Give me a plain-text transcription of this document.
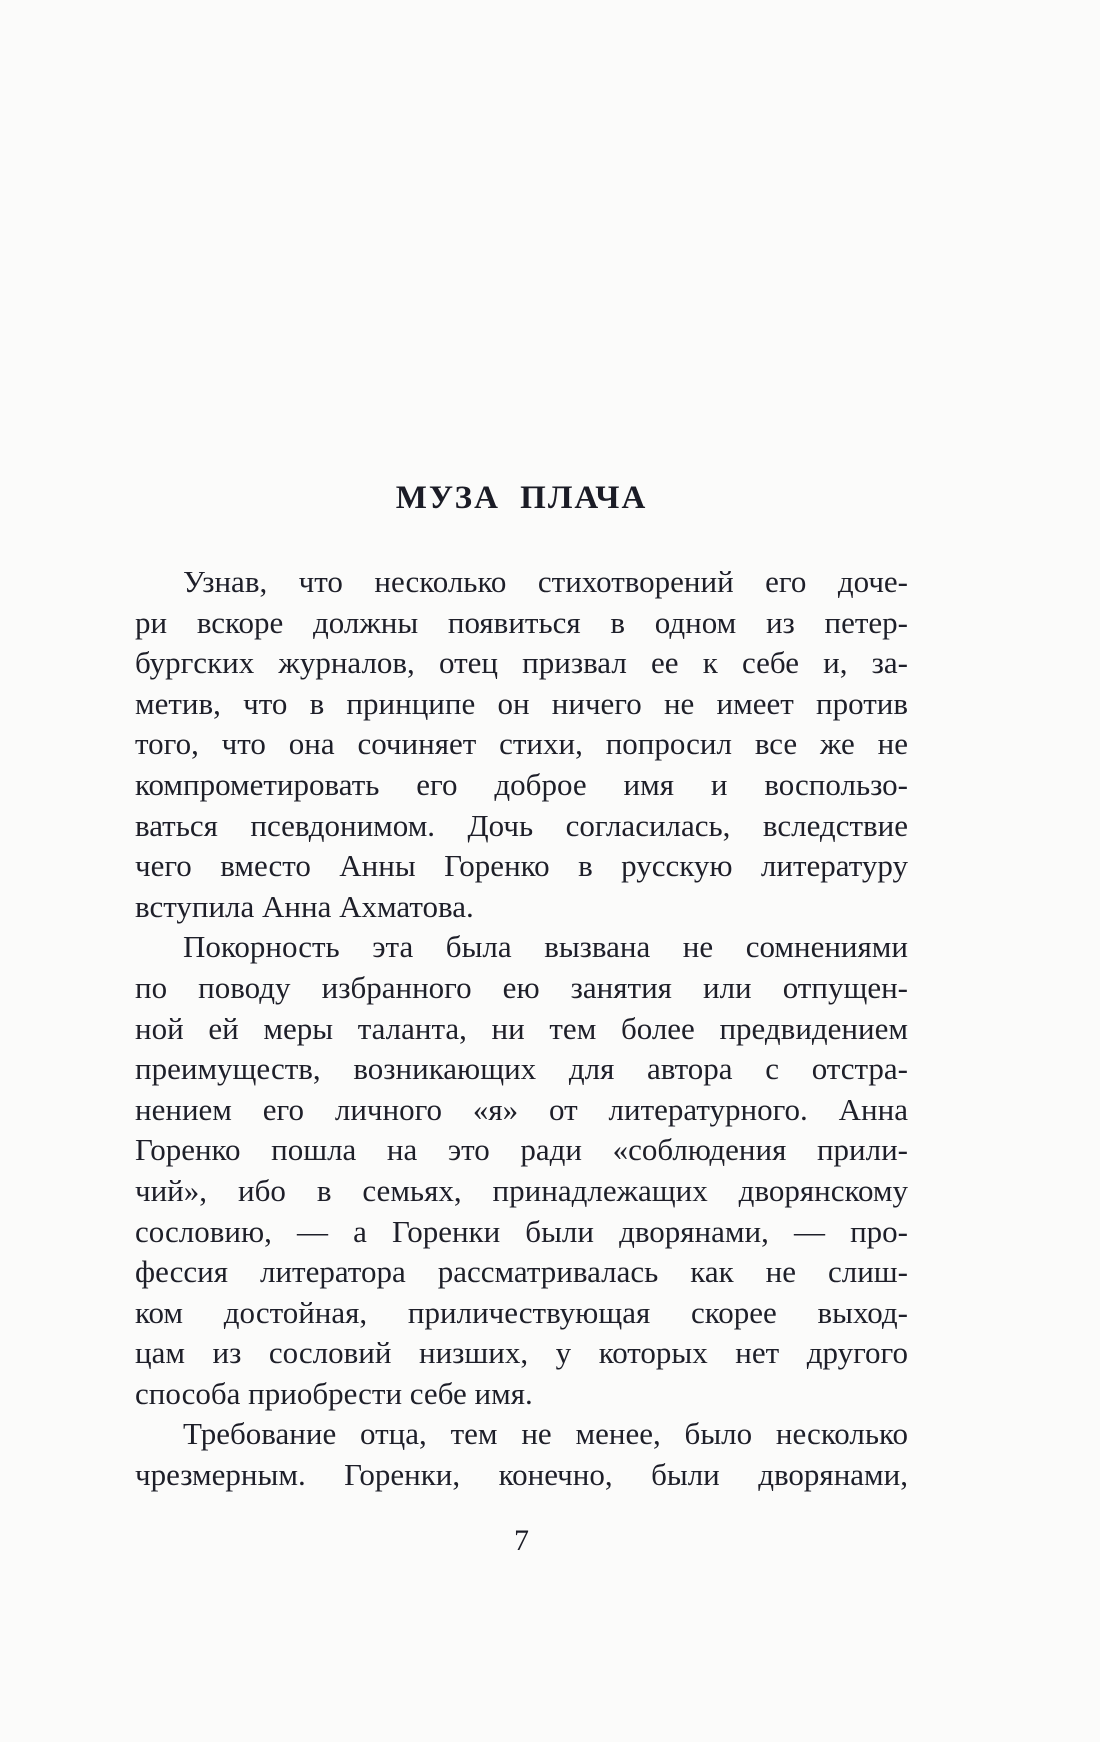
МУЗА ПЛАЧА
Узнав, что несколько стихотворений его доче-
ри вскоре должны появиться в одном из петер-
бургских журналов, отец призвал ее к себе и, за-
метив, что в принципе он ничего не имеет против
того, что она сочиняет стихи, попросил все же не
компрометировать его доброе имя и воспользо-
ваться псевдонимом. Дочь согласилась, вследствие
чего вместо Анны Горенко в русскую литературу
вступила Анна Ахматова.
Покорность эта была вызвана не сомнениями
по поводу избранного ею занятия или отпущен-
ной ей меры таланта, ни тем более предвидением
преимуществ, возникающих для автора с отстра-
нением его личного «я» от литературного. Анна
Горенко пошла на это ради «соблюдения прили-
чий», ибо в семьях, принадлежащих дворянскому
сословию, — а Горенки были дворянами, — про-
фессия литератора рассматривалась как не слиш-
ком достойная, приличествующая скорее выход-
цам из сословий низших, у которых нет другого
способа приобрести себе имя.
Требование отца, тем не менее, было несколько
чрезмерным. Горенки, конечно, были дворянами,
7
